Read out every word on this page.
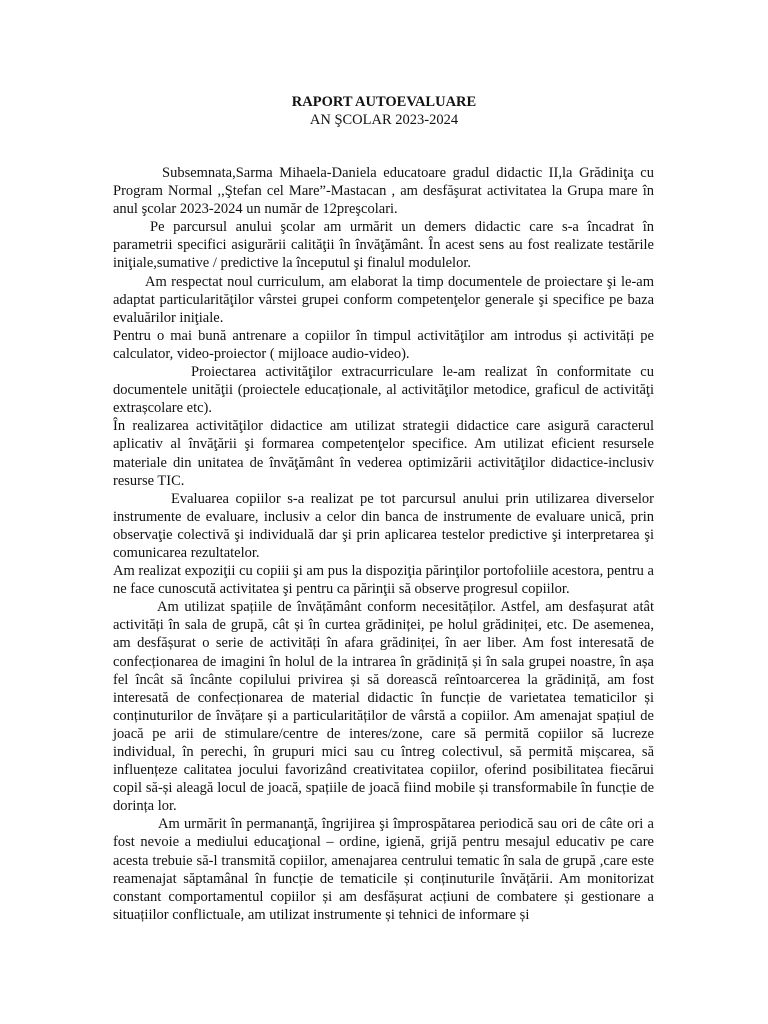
RAPORT AUTOEVALUARE
AN ŞCOLAR 2023-2024

Subsemnata,Sarma Mihaela-Daniela educatoare gradul didactic II,la Grădiniţa cu Program Normal ,,Ştefan cel Mare”-Mastacan , am desfăşurat activitatea la Grupa mare în anul şcolar 2023-2024 un număr de 12preşcolari.

Pe parcursul anului şcolar am urmărit un demers didactic care s-a încadrat în parametrii specifici asigurării calităţii în învăţământ. În acest sens au fost realizate testările iniţiale,sumative / predictive la începutul şi finalul modulelor.

Am respectat noul curriculum, am elaborat la timp documentele de proiectare şi le-am adaptat particularităţilor vârstei grupei conform competenţelor generale şi specifice pe baza evaluărilor iniţiale.

Pentru o mai bună antrenare a copiilor în timpul activităţilor am introdus și activități pe calculator, video-proiector ( mijloace audio-video).

Proiectarea activităţilor extracurriculare le-am realizat în conformitate cu documentele unităţii (proiectele educaționale, al activităţilor metodice, graficul de activităţi extrașcolare etc).

În realizarea activităţilor didactice am utilizat strategii didactice care asigură caracterul aplicativ al învăţării şi formarea competenţelor specifice. Am utilizat eficient resursele materiale din unitatea de învăţământ în vederea optimizării activităţilor didactice-inclusiv resurse TIC.

Evaluarea copiilor s-a realizat pe tot parcursul anului prin utilizarea diverselor instrumente de evaluare, inclusiv a celor din banca de instrumente de evaluare unică, prin observaţie colectivă şi individuală dar şi prin aplicarea testelor predictive şi interpretarea şi comunicarea rezultatelor.

Am realizat expoziţii cu copiii şi am pus la dispoziţia părinţilor portofoliile acestora, pentru a ne face cunoscută activitatea şi pentru ca părinţii să observe progresul copiilor.

Am utilizat spațiile de învățământ conform necesităților. Astfel, am desfașurat atât activități în sala de grupă, cât și în curtea grădiniței, pe holul grădiniței, etc. De asemenea, am desfășurat o serie de activități în afara grădiniței, în aer liber. Am fost interesată de confecționarea de imagini în holul de la intrarea în grădiniță și în sala grupei noastre, în așa fel încât să încânte copilului privirea și să dorească reîntoarcerea la grădiniță, am fost interesată de confecționarea de material didactic în funcție de varietatea tematicilor și conținuturilor de învățare și a particularităților de vârstă a copiilor. Am amenajat spațiul de joacă pe arii de stimulare/centre de interes/zone, care să permită copiilor să lucreze individual, în perechi, în grupuri mici sau cu întreg colectivul, să permită mișcarea, să influențeze calitatea jocului favorizând creativitatea copiilor, oferind posibilitatea fiecărui copil să-și aleagă locul de joacă, spațiile de joacă fiind mobile și transformabile în funcție de dorința lor.

Am urmărit în permananţă, îngrijirea şi împrospătarea periodică sau ori de câte ori a fost nevoie a mediului educaţional – ordine, igienă, grijă pentru mesajul educativ pe care acesta trebuie să-l transmită copiilor, amenajarea centrului tematic în sala de grupă ,care este reamenajat săptamânal în funcție de tematicile și conținuturile învățării. Am monitorizat constant comportamentul copiilor și am desfășurat acțiuni de combatere și gestionare a situațiilor conflictuale, am utilizat instrumente și tehnici de informare și
